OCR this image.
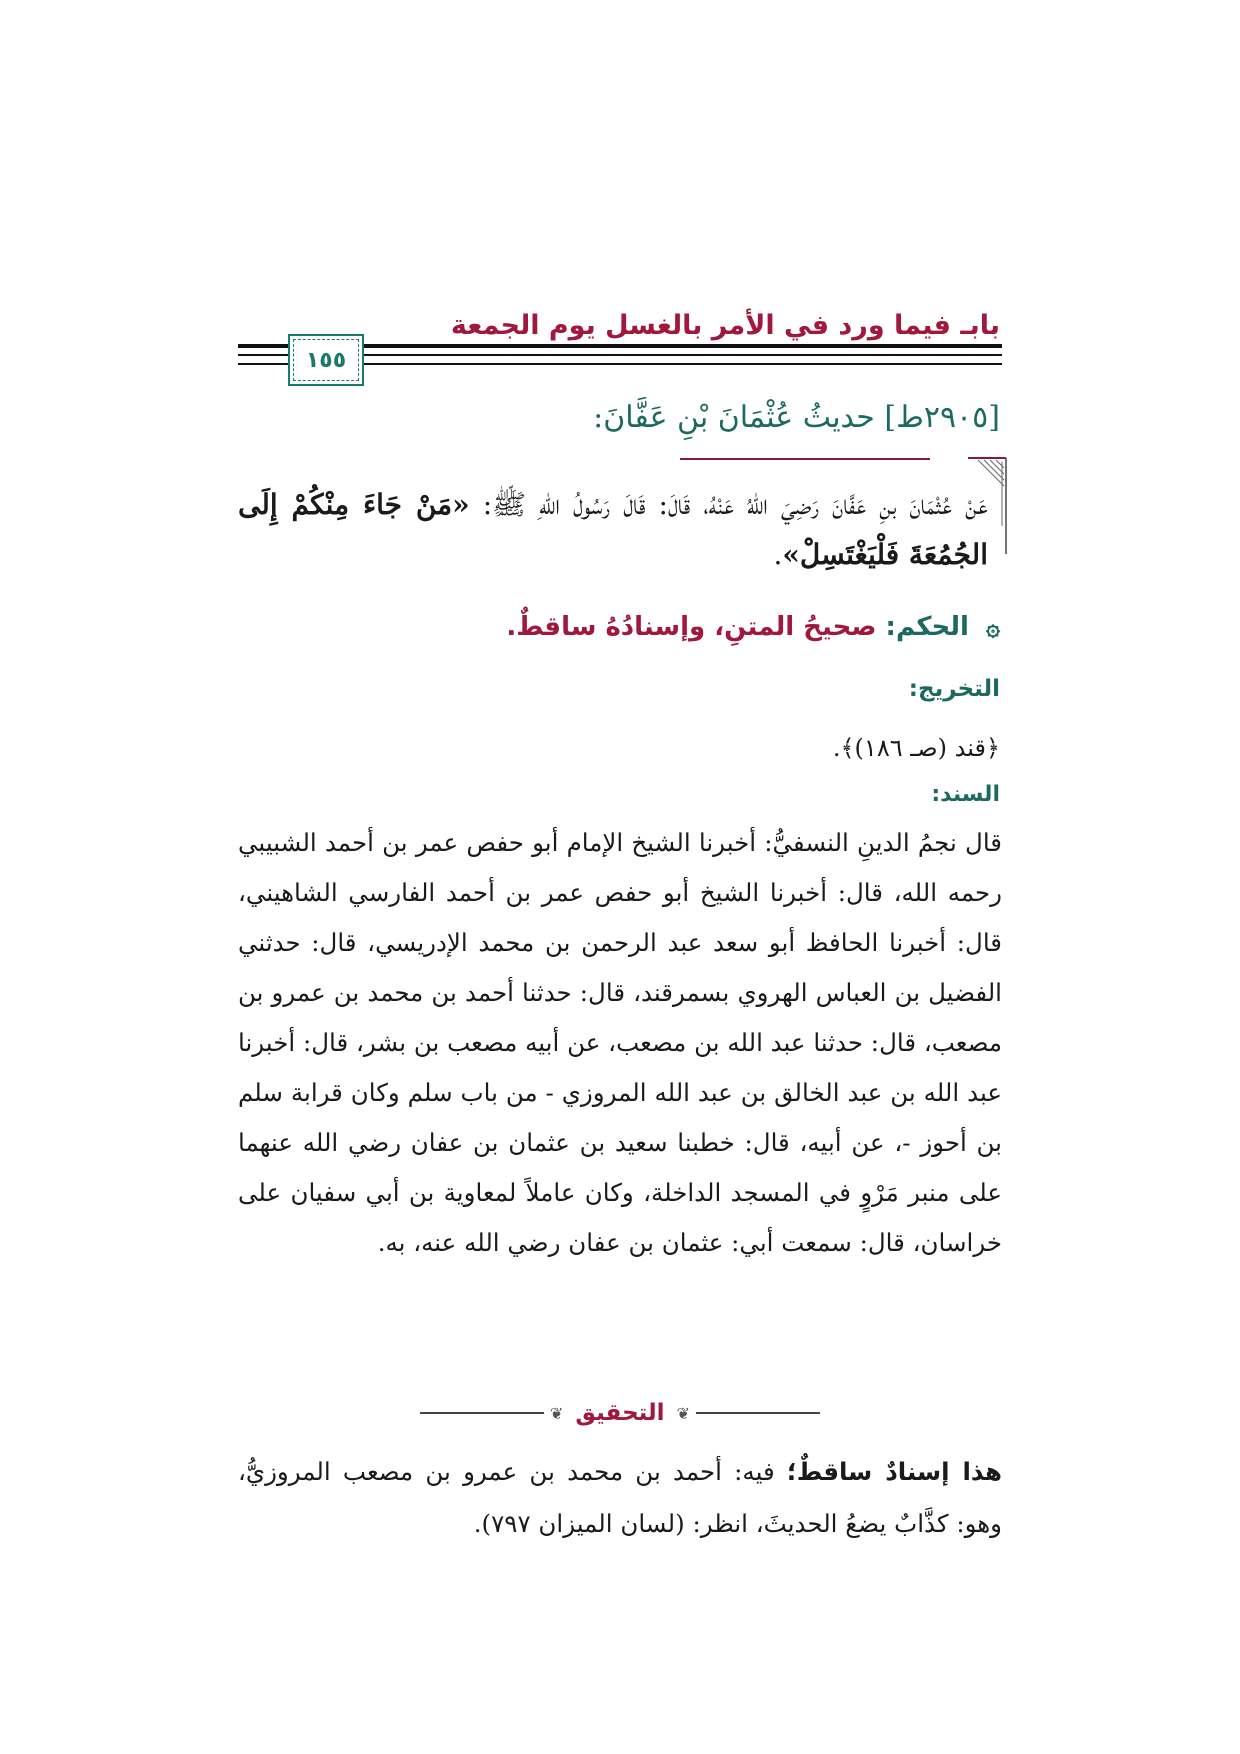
بابـ فيما ورد في الأمر بالغسل يوم الجمعة
١٥٥
[٢٩٠٥ط] حديثُ عُثْمَانَ بْنِ عَفَّانَ:
عَنْ عُثْمَانَ بنِ عَفَّانَ رَضِيَ اللهُ عَنْهُ، قَالَ: قَالَ رَسُولُ اللهِ ﷺ: «مَنْ جَاءَ مِنْكُمْ إِلَى الجُمُعَةَ فَلْيَغْتَسِلْ».
۞ الحكم: صحيحُ المتنِ، وإسنادُهُ ساقطٌ.
التخريج:
﴿قند (صـ ١٨٦)﴾.
السند:
قال نجمُ الدينِ النسفيُّ: أخبرنا الشيخ الإمام أبو حفص عمر بن أحمد الشبيبي رحمه الله، قال: أخبرنا الشيخ أبو حفص عمر بن أحمد الفارسي الشاهيني، قال: أخبرنا الحافظ أبو سعد عبد الرحمن بن محمد الإدريسي، قال: حدثني الفضيل بن العباس الهروي بسمرقند، قال: حدثنا أحمد بن محمد بن عمرو بن مصعب، قال: حدثنا عبد الله بن مصعب، عن أبيه مصعب بن بشر، قال: أخبرنا عبد الله بن عبد الخالق بن عبد الله المروزي - من باب سلم وكان قرابة سلم بن أحوز -، عن أبيه، قال: خطبنا سعيد بن عثمان بن عفان رضي الله عنهما على منبر مَرْوٍ في المسجد الداخلة، وكان عاملاً لمعاوية بن أبي سفيان على خراسان، قال: سمعت أبي: عثمان بن عفان رضي الله عنه، به.
❦
التحقيق
❦
هذا إسنادٌ ساقطٌ؛ فيه: أحمد بن محمد بن عمرو بن مصعب المروزيُّ، وهو: كذَّابٌ يضعُ الحديثَ، انظر: (لسان الميزان ٧٩٧).
